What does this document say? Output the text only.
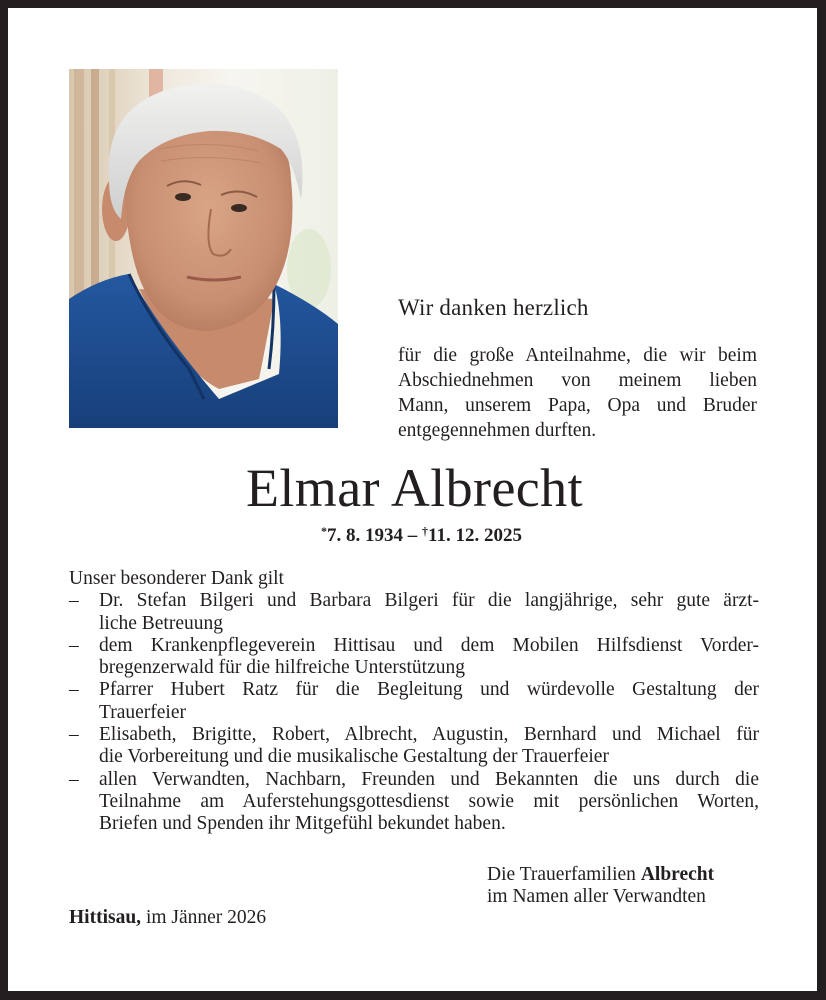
Wir danken herzlich
für die große Anteilnahme, die wir beim
Abschiednehmen von meinem lieben
Mann, unserem Papa, Opa und Bruder
entgegennehmen durften.
Elmar Albrecht
*7. 8. 1934 – †11. 12. 2025
Unser besonderer Dank gilt
– Dr. Stefan Bilgeri und Barbara Bilgeri für die langjährige, sehr gute ärzt-
liche Betreuung
– dem Krankenpflegeverein Hittisau und dem Mobilen Hilfsdienst Vorder-
bregenzerwald für die hilfreiche Unterstützung
– Pfarrer Hubert Ratz für die Begleitung und würdevolle Gestaltung der
Trauerfeier
– Elisabeth, Brigitte, Robert, Albrecht, Augustin, Bernhard und Michael für
die Vorbereitung und die musikalische Gestaltung der Trauerfeier
– allen Verwandten, Nachbarn, Freunden und Bekannten die uns durch die
Teilnahme am Auferstehungsgottesdienst sowie mit persönlichen Worten,
Briefen und Spenden ihr Mitgefühl bekundet haben.
Die Trauerfamilien Albrecht
im Namen aller Verwandten
Hittisau, im Jänner 2026
